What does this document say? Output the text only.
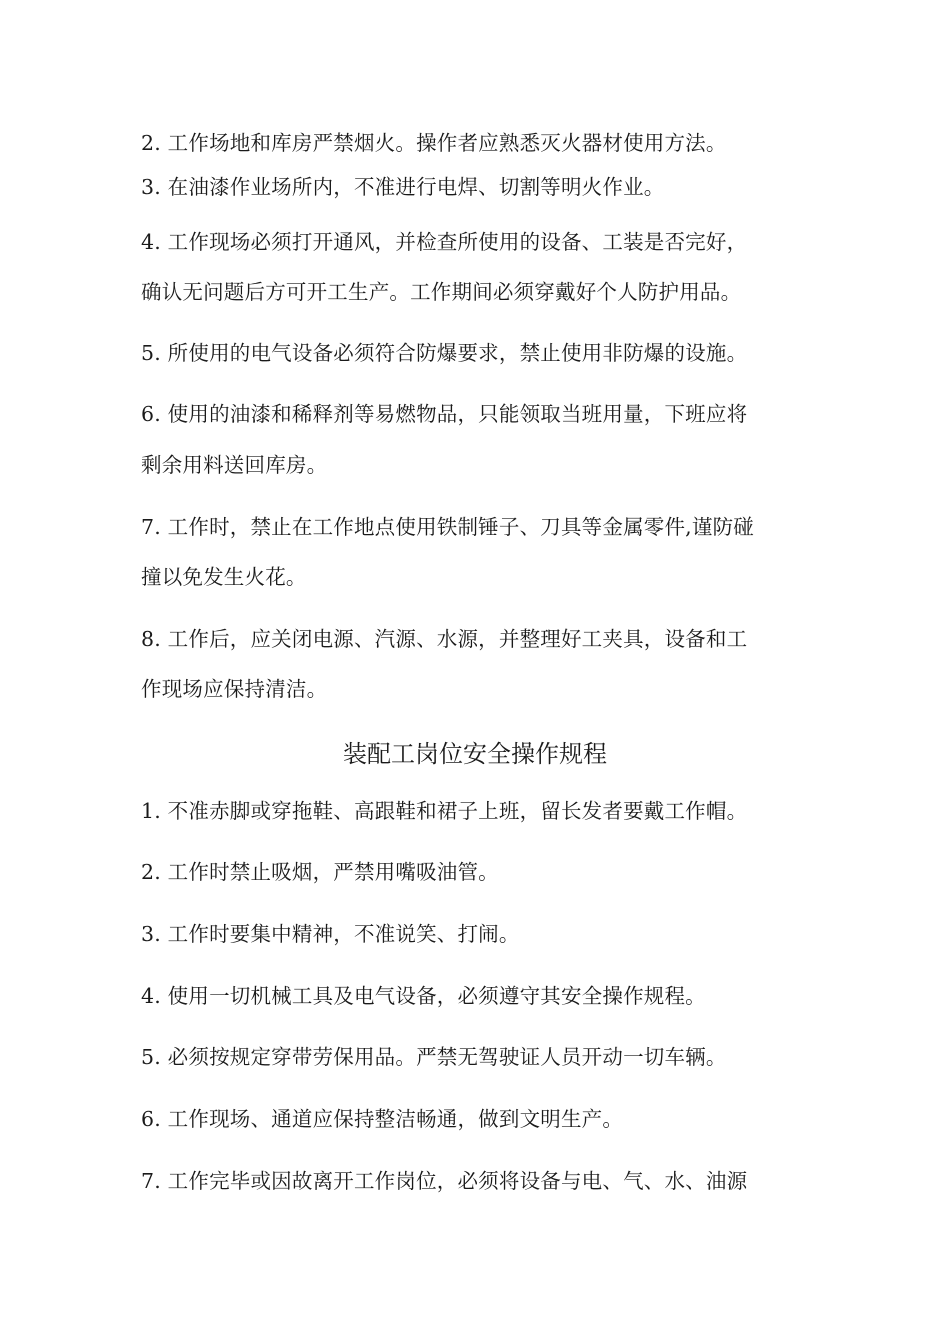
2. 工作场地和库房严禁烟火。操作者应熟悉灭火器材使用方法。
3. 在油漆作业场所内，不准进行电焊、切割等明火作业。
4. 工作现场必须打开通风，并检查所使用的设备、工装是否完好，
确认无问题后方可开工生产。工作期间必须穿戴好个人防护用品。
5. 所使用的电气设备必须符合防爆要求，禁止使用非防爆的设施。
6. 使用的油漆和稀释剂等易燃物品，只能领取当班用量，下班应将
剩余用料送回库房。
7. 工作时，禁止在工作地点使用铁制锤子、刀具等金属零件,谨防碰
撞以免发生火花。
8. 工作后，应关闭电源、汽源、水源，并整理好工夹具，设备和工
作现场应保持清洁。
装配工岗位安全操作规程
1. 不准赤脚或穿拖鞋、高跟鞋和裙子上班，留长发者要戴工作帽。
2. 工作时禁止吸烟，严禁用嘴吸油管。
3. 工作时要集中精神，不准说笑、打闹。
4. 使用一切机械工具及电气设备，必须遵守其安全操作规程。
5. 必须按规定穿带劳保用品。严禁无驾驶证人员开动一切车辆。
6. 工作现场、通道应保持整洁畅通，做到文明生产。
7. 工作完毕或因故离开工作岗位，必须将设备与电、气、水、油源
